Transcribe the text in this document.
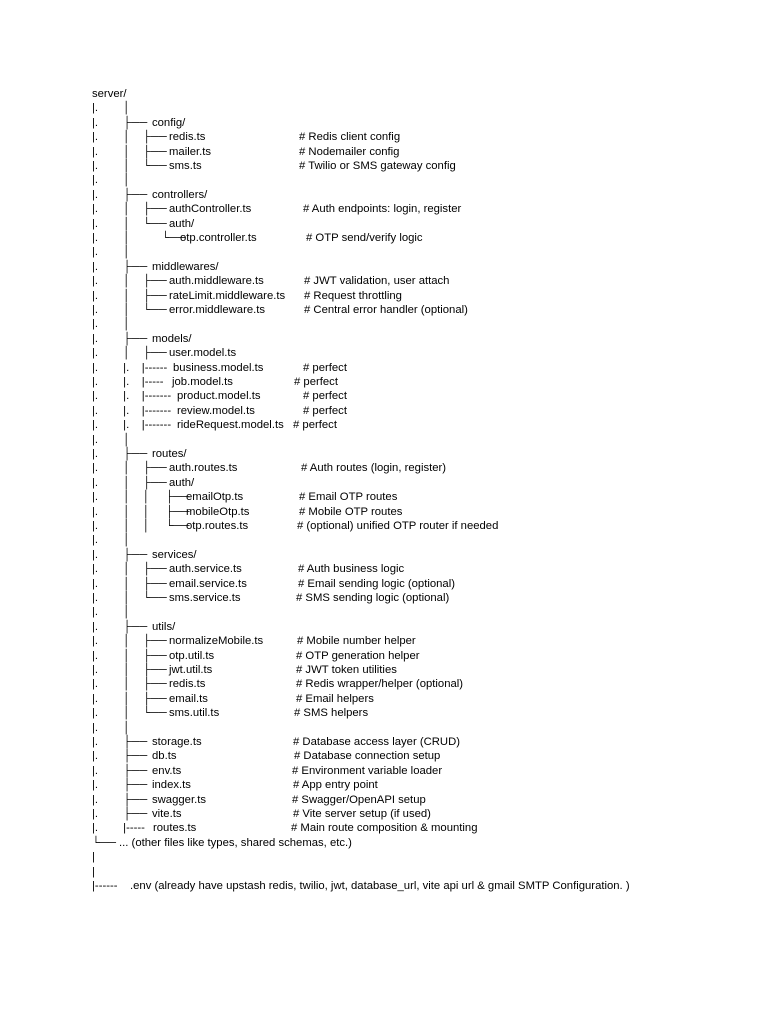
server/
|.        │
|.        ├── config/
|.        │    ├── redis.ts	# Redis client config
|.        │    ├── mailer.ts	# Nodemailer config
|.        │    └── sms.ts	# Twilio or SMS gateway config
|.        │
|.        ├── controllers/
|.        │    ├── authController.ts	# Auth endpoints: login, register
|.        │    └── auth/
|.        │          └──
otp.controller.ts	# OTP send/verify logic
|.        │
|.        ├── middlewares/
|.        │    ├── auth.middleware.ts	# JWT validation, user attach
|.        │    ├── rateLimit.middleware.ts # Request throttling
|.        │    └── error.middleware.ts	# Central error handler (optional)
|.        │
|.        ├── models/
|.        │    ├── user.model.ts
|.        |.    |------ business.model.ts	# perfect
|.        |.    |----- job.model.ts	# perfect
|.        |.    |------- product.model.ts	# perfect
|.        |.    |------- review.model.ts	# perfect
|.        |.    |------- rideRequest.model.ts # perfect
|.        │
|.        ├── routes/
|.        │    ├── auth.routes.ts	# Auth routes (login, register)
|.        │    ├── auth/
|.        │    │     ├──
emailOtp.ts	# Email OTP routes
|.        │    │     ├──
mobileOtp.ts	# Mobile OTP routes
|.        │    │     └──
otp.routes.ts	# (optional) unified OTP router if needed
|.        │
|.        ├── services/
|.        │    ├── auth.service.ts	# Auth business logic
|.        │    ├── email.service.ts	# Email sending logic (optional)
|.        │    └── sms.service.ts	# SMS sending logic (optional)
|.        │
|.        ├── utils/
|.        │    ├── normalizeMobile.ts	# Mobile number helper
|.        │    ├── otp.util.ts	# OTP generation helper
|.        │    ├── jwt.util.ts	# JWT token utilities
|.        │    ├── redis.ts	# Redis wrapper/helper (optional)
|.        │    ├── email.ts	# Email helpers
|.        │    └── sms.util.ts	# SMS helpers
|.        │
|.        ├── storage.ts	# Database access layer (CRUD)
|.        ├── db.ts	# Database connection setup
|.        ├── env.ts	# Environment variable loader
|.        ├── index.ts	# App entry point
|.        ├── swagger.ts	# Swagger/OpenAPI setup
|.        ├── vite.ts	# Vite server setup (if used)
|.        |----- routes.ts	# Main route composition & mounting
└── ... (other files like types, shared schemas, etc.)
|
|
|------ .env (already have upstash redis, twilio, jwt, database_url, vite api url & gmail SMTP Configuration. )
